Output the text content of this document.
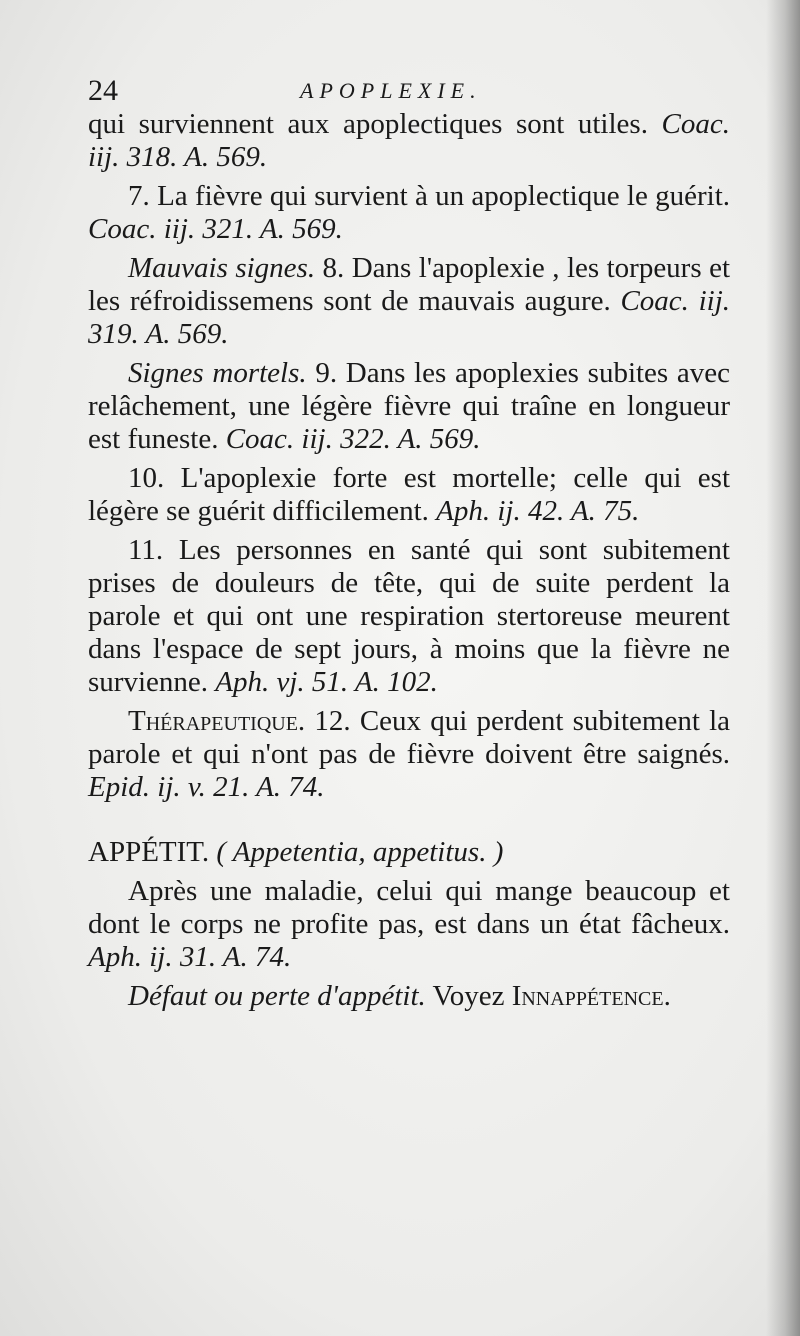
24	APOPLEXIE.

qui surviennent aux apoplectiques sont utiles. Coac. iij. 318. A. 569.

7. La fièvre qui survient à un apoplectique le guérit. Coac. iij. 321. A. 569.

Mauvais signes. 8. Dans l'apoplexie , les torpeurs et les réfroidissemens sont de mauvais augure. Coac. iij. 319. A. 569.

Signes mortels. 9. Dans les apoplexies subites avec relâchement, une légère fièvre qui traîne en longueur est funeste. Coac. iij. 322. A. 569.

10. L'apoplexie forte est mortelle; celle qui est légère se guérit difficilement. Aph. ij. 42. A. 75.

11. Les personnes en santé qui sont subitement prises de douleurs de tête, qui de suite perdent la parole et qui ont une respiration stertoreuse meurent dans l'espace de sept jours, à moins que la fièvre ne survienne. Aph. vj. 51. A. 102.

Thérapeutique. 12. Ceux qui perdent subitement la parole et qui n'ont pas de fièvre doivent être saignés. Epid. ij. v. 21. A. 74.

APPÉTIT. ( Appetentia, appetitus. )

Après une maladie, celui qui mange beaucoup et dont le corps ne profite pas, est dans un état fâcheux. Aph. ij. 31. A. 74.

Défaut ou perte d'appétit. Voyez Innappétence.
